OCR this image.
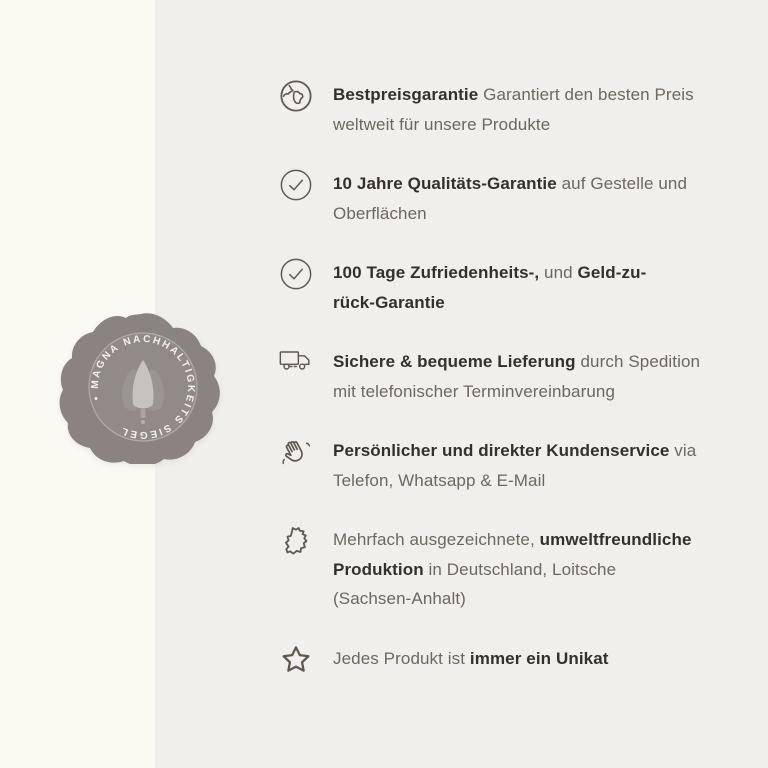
• MAGNA NACHHALTIGKEITS SIEGEL
Bestpreisgarantie Garantiert den besten Preis
weltweit für unsere Produkte
10 Jahre Qualitäts-Garantie auf Gestelle und
Oberflächen
100 Tage Zufriedenheits-, und Geld-zu-
rück-Garantie
Sichere & bequeme Lieferung durch Spedition
mit telefonischer Terminvereinbarung
Persönlicher und direkter Kundenservice via
Telefon, Whatsapp & E-Mail
Mehrfach ausgezeichnete, umweltfreundliche
Produktion in Deutschland, Loitsche
(Sachsen-Anhalt)
Jedes Produkt ist immer ein Unikat
